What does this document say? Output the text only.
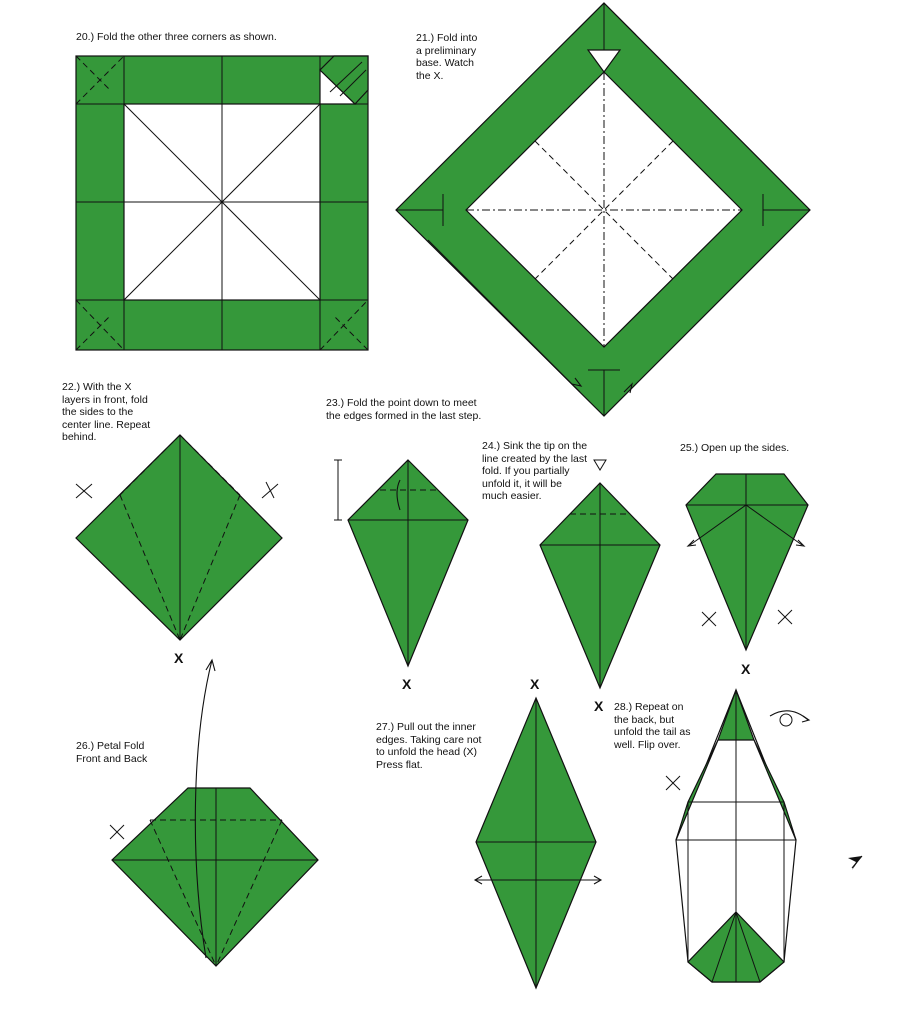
20.) Fold the other three corners as shown.	21.) Fold into
a preliminary
base. Watch
the X.
22.) With the X
layers in front, fold
the sides to the
center line. Repeat
behind.
X
23.) Fold the point down to meet
the edges formed in the last step.
X
24.) Sink the tip on the
line created by the last
fold. If you partially
unfold it, it will be
much easier.
X
25.) Open up the sides.
X
26.) Petal Fold
Front and Back
27.) Pull out the inner
edges. Taking care not
to unfold the head (X)
Press flat.
X
28.) Repeat on
the back, but
unfold the tail as
well. Flip over.
